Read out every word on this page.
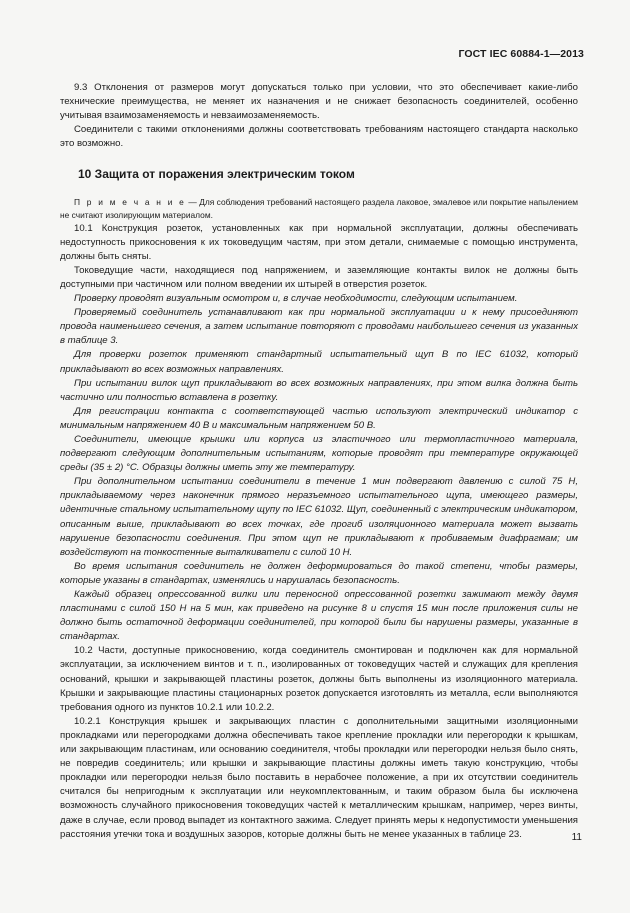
ГОСТ IEC 60884-1—2013

9.3 Отклонения от размеров могут допускаться только при условии, что это обеспечивает какие-либо технические преимущества, не меняет их назначения и не снижает безопасность соединителей, особенно учитывая взаимозаменяемость и невзаимозаменяемость.

Соединители с такими отклонениями должны соответствовать требованиям настоящего стандарта насколько это возможно.

10 Защита от поражения электрическим током

П р и м е ч а н и е — Для соблюдения требований настоящего раздела лаковое, эмалевое или покрытие напылением не считают изолирующим материалом.

10.1 Конструкция розеток, установленных как при нормальной эксплуатации, должны обеспечивать недоступность прикосновения к их токоведущим частям, при этом детали, снимаемые с помощью инструмента, должны быть сняты.

Токоведущие части, находящиеся под напряжением, и заземляющие контакты вилок не должны быть доступными при частичном или полном введении их штырей в отверстия розеток.

Проверку проводят визуальным осмотром и, в случае необходимости, следующим испытанием.

Проверяемый соединитель устанавливают как при нормальной эксплуатации и к нему присоединяют провода наименьшего сечения, а затем испытание повторяют с проводами наибольшего сечения из указанных в таблице 3.

Для проверки розеток применяют стандартный испытательный щуп B по IEC 61032, который прикладывают во всех возможных направлениях.

При испытании вилок щуп прикладывают во всех возможных направлениях, при этом вилка должна быть частично или полностью вставлена в розетку.

Для регистрации контакта с соответствующей частью используют электрический индикатор с минимальным напряжением 40 В и максимальным напряжением 50 В.

Соединители, имеющие крышки или корпуса из эластичного или термопластичного материала, подвергают следующим дополнительным испытаниям, которые проводят при температуре окружающей среды (35 ± 2) °С. Образцы должны иметь эту же температуру.

При дополнительном испытании соединители в течение 1 мин подвергают давлению с силой 75 Н, прикладываемому через наконечник прямого неразъемного испытательного щупа, имеющего размеры, идентичные стальному испытательному щупу по IEC 61032. Щуп, соединенный с электрическим индикатором, описанным выше, прикладывают во всех точках, где прогиб изоляционного материала может вызвать нарушение безопасности соединения. При этом щуп не прикладывают к пробиваемым диафрагмам; им воздействуют на тонкостенные выталкиватели с силой 10 Н.

Во время испытания соединитель не должен деформироваться до такой степени, чтобы размеры, которые указаны в стандартах, изменялись и нарушалась безопасность.

Каждый образец опрессованной вилки или переносной опрессованной розетки зажимают между двумя пластинами с силой 150 Н на 5 мин, как приведено на рисунке 8 и спустя 15 мин после приложения силы не должно быть остаточной деформации соединителей, при которой были бы нарушены размеры, указанные в стандартах.

10.2 Части, доступные прикосновению, когда соединитель смонтирован и подключен как для нормальной эксплуатации, за исключением винтов и т. п., изолированных от токоведущих частей и служащих для крепления оснований, крышки и закрывающей пластины розеток, должны быть выполнены из изоляционного материала. Крышки и закрывающие пластины стационарных розеток допускается изготовлять из металла, если выполняются требования одного из пунктов 10.2.1 или 10.2.2.

10.2.1 Конструкция крышек и закрывающих пластин с дополнительными защитными изоляционными прокладками или перегородками должна обеспечивать такое крепление прокладки или перегородки к крышкам, или закрывающим пластинам, или основанию соединителя, чтобы прокладки или перегородки нельзя было снять, не повредив соединитель; или крышки и закрывающие пластины должны иметь такую конструкцию, чтобы прокладки или перегородки нельзя было поставить в нерабочее положение, а при их отсутствии соединитель считался бы непригодным к эксплуатации или неукомплектованным, и таким образом была бы исключена возможность случайного прикосновения токоведущих частей к металлическим крышкам, например, через винты, даже в случае, если провод выпадет из контактного зажима. Следует принять меры к недопустимости уменьшения расстояния утечки тока и воздушных зазоров, которые должны быть не менее указанных в таблице 23.	11
